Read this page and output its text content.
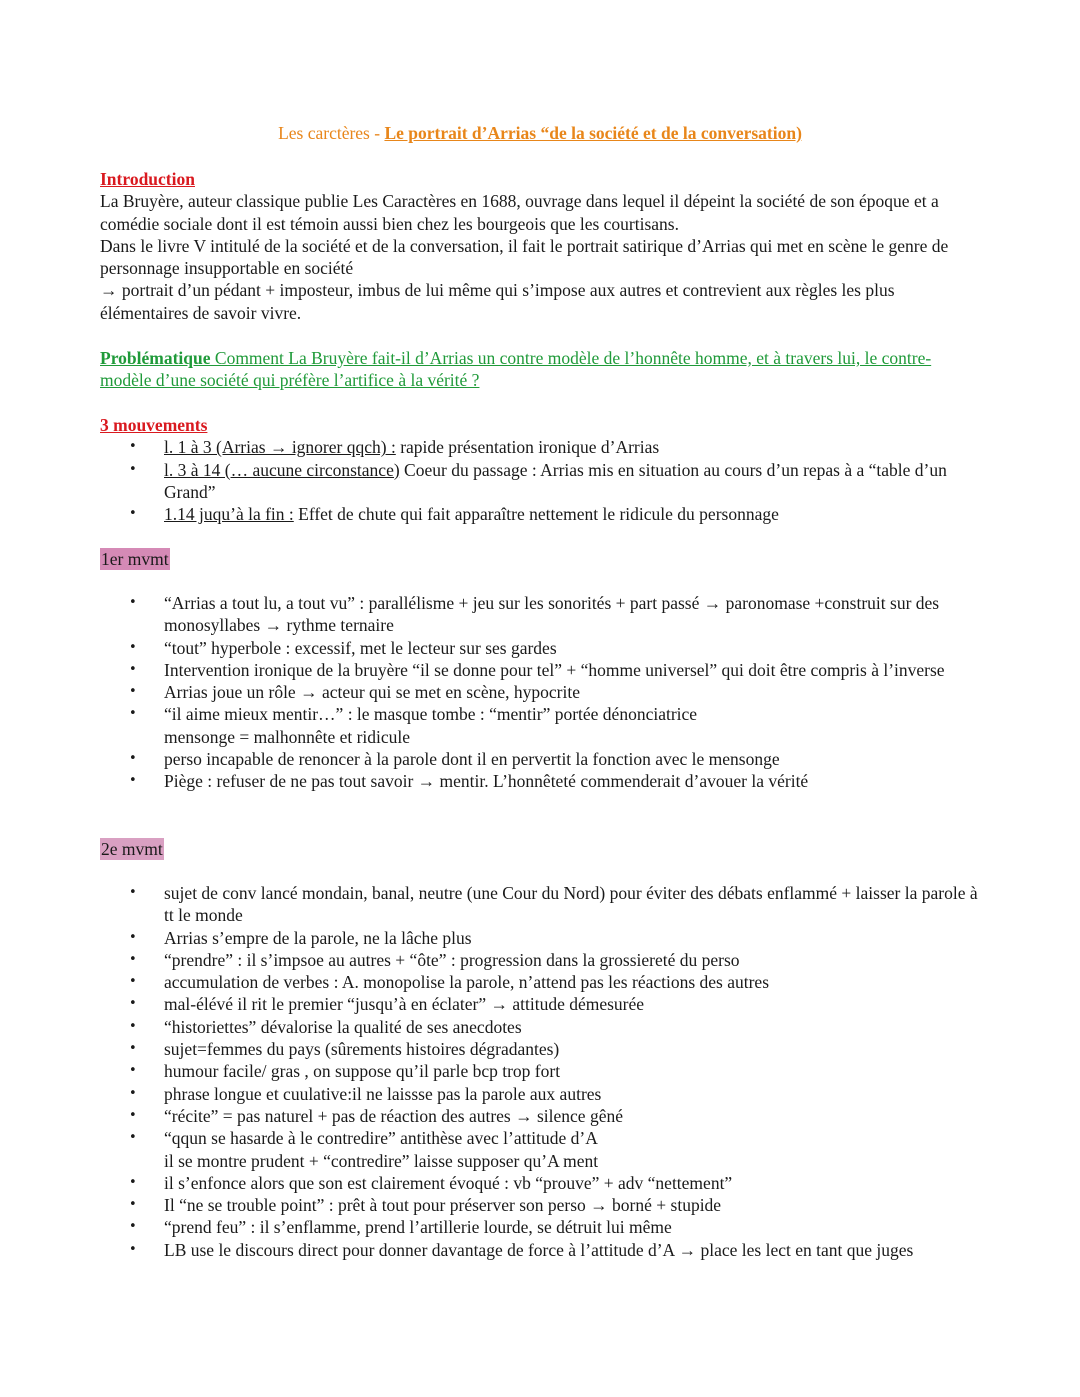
Les carctères - Le portrait d’Arrias “de la société et de la conversation)
Introduction

La Bruyère, auteur classique publie Les Caractères en 1688, ouvrage dans lequel il dépeint la société de son époque et a comédie sociale dont il est témoin aussi bien chez les bourgeois que les courtisans.

Dans le livre V intitulé de la société et de la conversation, il fait le portrait satirique d’Arrias qui met en scène le genre de personnage insupportable en société

→ portrait d’un pédant + imposteur, imbus de lui même qui s’impose aux autres et contrevient aux règles les plus élémentaires de savoir vivre.

Problématique Comment La Bruyère fait-il d’Arrias un contre modèle de l’honnête homme, et à travers lui, le contre-modèle d’une société qui préfère l’artifice à la vérité ?
3 mouvements
• l. 1 à 3 (Arrias → ignorer qqch) : rapide présentation ironique d’Arrias
• l. 3 à 14 (… aucune circonstance) Coeur du passage : Arrias mis en situation au cours d’un repas à a “table d’un Grand”
• 1.14 juqu’à la fin : Effet de chute qui fait apparaître nettement le ridicule du personnage
1er mvmt
• “Arrias a tout lu, a tout vu” : parallélisme + jeu sur les sonorités + part passé → paronomase +construit sur des monosyllabes → rythme ternaire
• “tout” hyperbole : excessif, met le lecteur sur ses gardes
• Intervention ironique de la bruyère “il se donne pour tel” + “homme universel” qui doit être compris à l’inverse
• Arrias joue un rôle → acteur qui se met en scène, hypocrite
• “il aime mieux mentir…” : le masque tombe : “mentir” portée dénonciatrice
mensonge = malhonnête et ridicule
• perso incapable de renoncer à la parole dont il en pervertit la fonction avec le mensonge
• Piège : refuser de ne pas tout savoir → mentir. L’honnêteté commenderait d’avouer la vérité
2e mvmt
• sujet de conv lancé mondain, banal, neutre (une Cour du Nord) pour éviter des débats enflammé + laisser la parole à tt le monde
• Arrias s’empre de la parole, ne la lâche plus
• “prendre” : il s’impsoe au autres + “ôte” : progression dans la grossiereté du perso
• accumulation de verbes : A. monopolise la parole, n’attend pas les réactions des autres
• mal-élévé il rit le premier “jusqu’à en éclater” → attitude démesurée
• “historiettes” dévalorise la qualité de ses anecdotes
• sujet=femmes du pays (sûrements histoires dégradantes)
• humour facile/ gras , on suppose qu’il parle bcp trop fort
• phrase longue et cuulative:il ne laissse pas la parole aux autres
• “récite” = pas naturel + pas de réaction des autres → silence gêné
• “qqun se hasarde à le contredire” antithèse avec l’attitude d’A
il se montre prudent + “contredire” laisse supposer qu’A ment
• il s’enfonce alors que son est clairement évoqué : vb “prouve” + adv “nettement”
• Il “ne se trouble point” : prêt à tout pour préserver son perso → borné + stupide
• “prend feu” : il s’enflamme, prend l’artillerie lourde, se détruit lui même
• LB use le discours direct pour donner davantage de force à l’attitude d’A → place les lect en tant que juges
